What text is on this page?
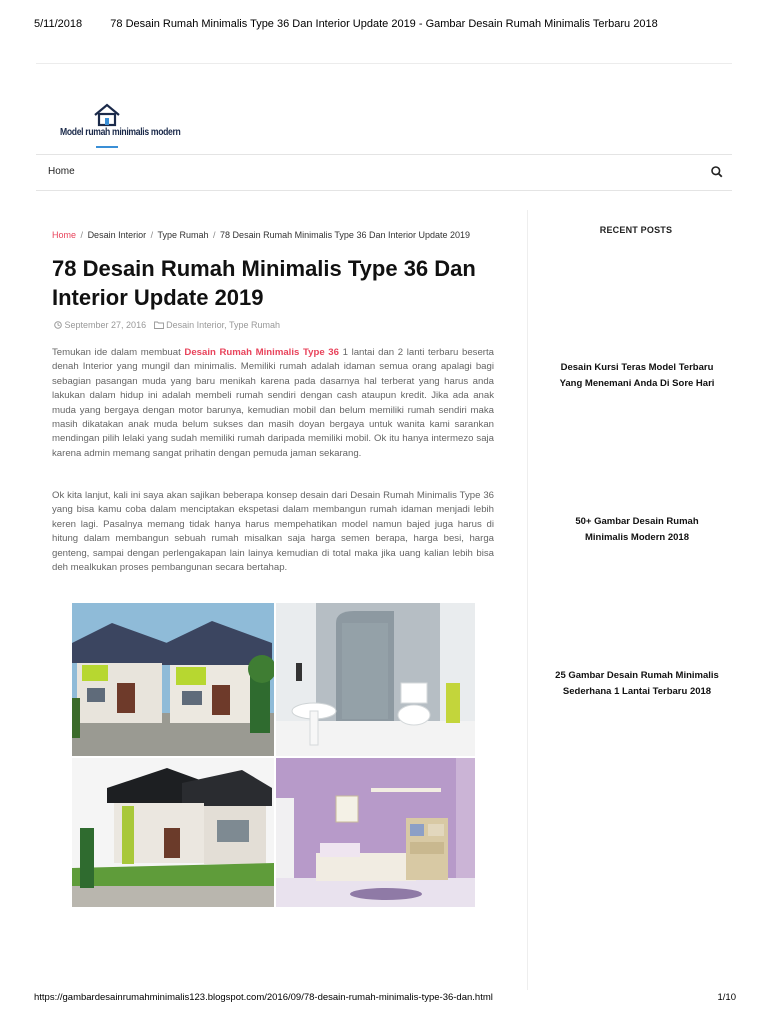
5/11/2018	78 Desain Rumah Minimalis Type 36 Dan Interior Update 2019 - Gambar Desain Rumah Minimalis Terbaru 2018
Model rumah minimalis modern
Home
Home / Desain Interior / Type Rumah / 78 Desain Rumah Minimalis Type 36 Dan Interior Update 2019
78 Desain Rumah Minimalis Type 36 Dan Interior Update 2019
September 27, 2016 Desain Interior, Type Rumah

Temukan ide dalam membuat Desain Rumah Minimalis Type 36 1 lantai dan 2 lanti terbaru beserta denah Interior yang mungil dan minimalis. Memiliki rumah adalah idaman semua orang apalagi bagi sebagian pasangan muda yang baru menikah karena pada dasarnya hal terberat yang harus anda lakukan dalam hidup ini adalah membeli rumah sendiri dengan cash ataupun kredit. Jika ada anak muda yang bergaya dengan motor barunya, kemudian mobil dan belum memiliki rumah sendiri maka masih dikatakan anak muda belum sukses dan masih doyan bergaya untuk wanita kami sarankan mendingan pilih lelaki yang sudah memiliki rumah daripada memiliki mobil. Ok itu hanya intermezo saja karena admin memang sangat prihatin dengan pemuda jaman sekarang.

Ok kita lanjut, kali ini saya akan sajikan beberapa konsep desain dari Desain Rumah Minimalis Type 36 yang bisa kamu coba dalam menciptakan ekspetasi dalam membangun rumah idaman menjadi lebih keren lagi. Pasalnya memang tidak hanya harus mempehatikan model namun bajed juga harus di hitung dalam membangun sebuah rumah misalkan saja harga semen berapa, harga besi, harga genteng, sampai dengan perlengakapan lain lainya kemudian di total maka jika uang kalian lebih bisa deh mealkukan proses pembangunan secara bertahap.

RECENT POSTS
Desain Kursi Teras Model Terbaru Yang Menemani Anda Di Sore Hari
50+ Gambar Desain Rumah Minimalis Modern 2018
25 Gambar Desain Rumah Minimalis Sederhana 1 Lantai Terbaru 2018
https://gambardesainrumahminimalis123.blogspot.com/2016/09/78-desain-rumah-minimalis-type-36-dan.html	1/10
